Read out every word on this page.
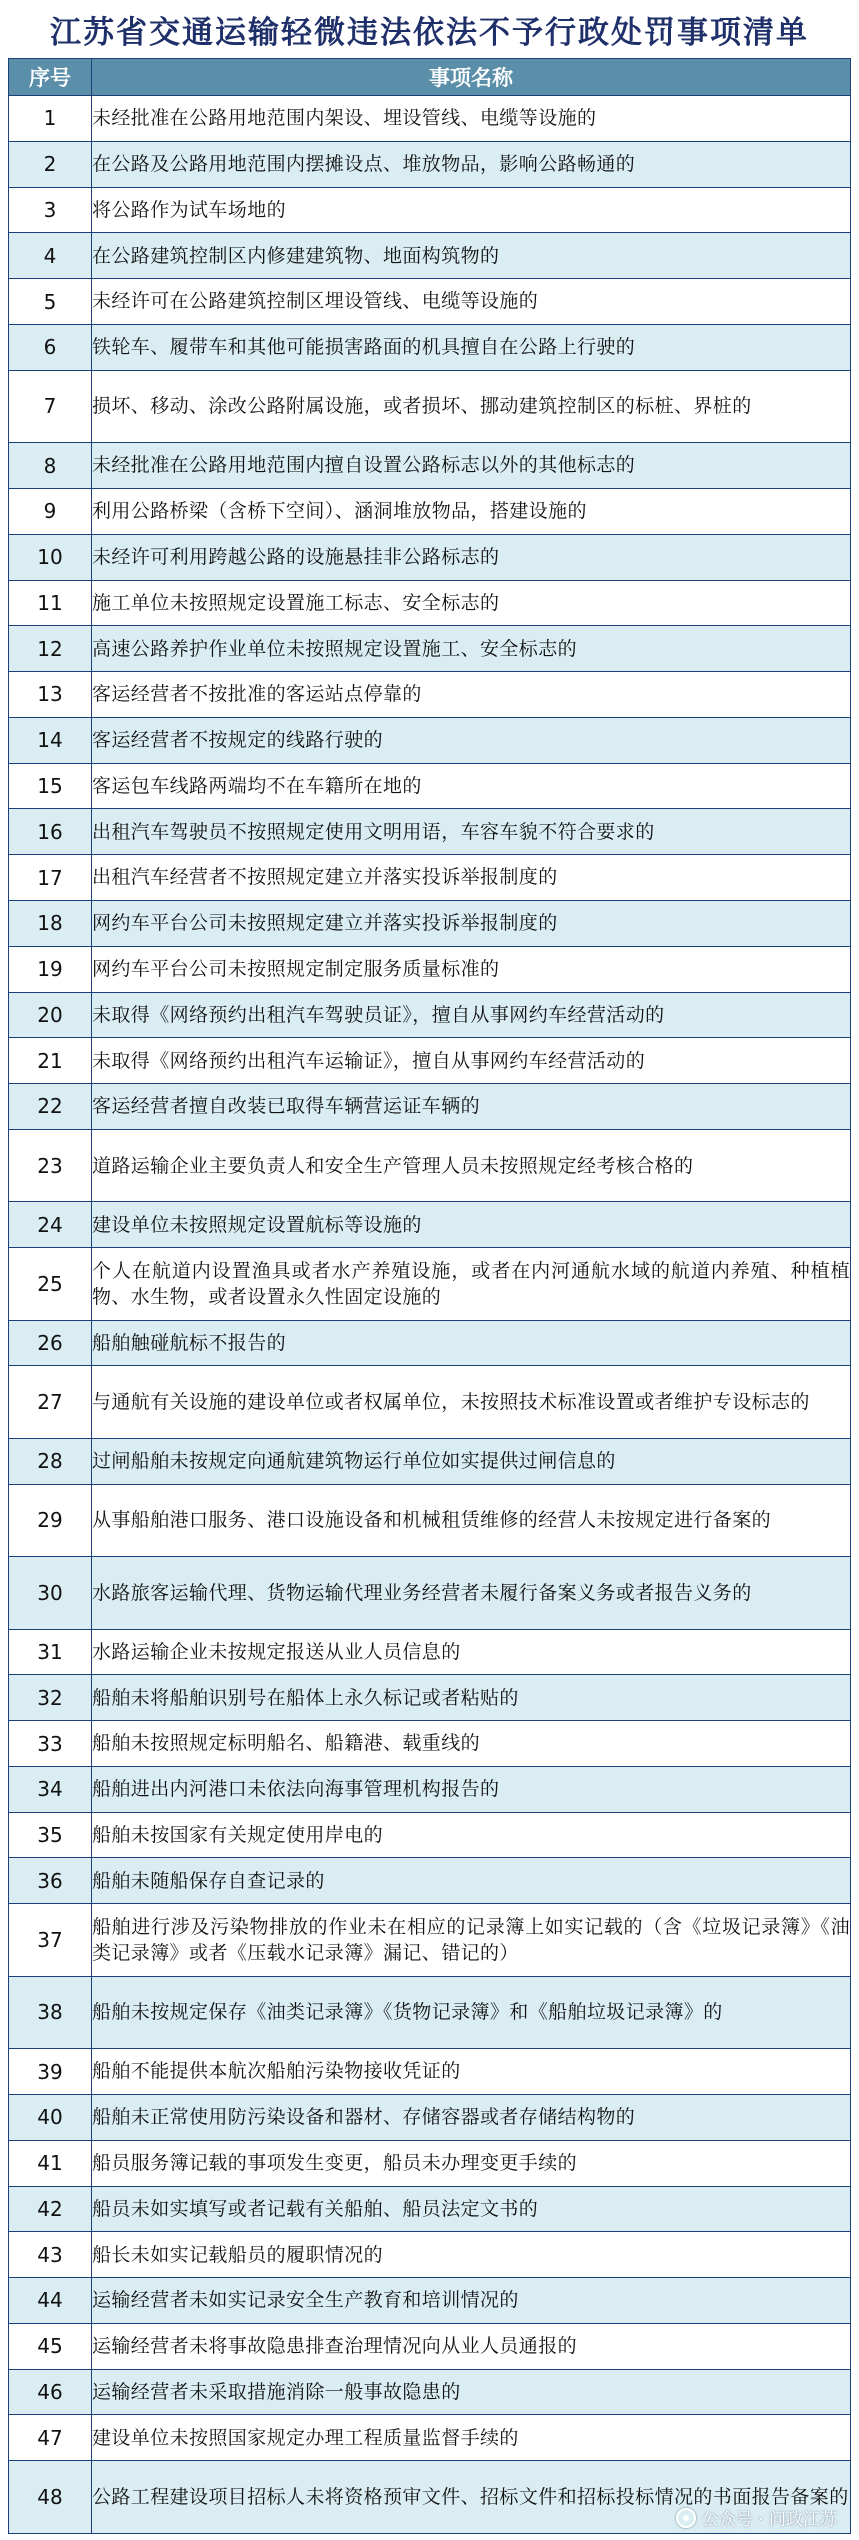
江苏省交通运输轻微违法依法不予行政处罚事项清单
序号	事项名称
1	未经批准在公路用地范围内架设、埋设管线、电缆等设施的
2	在公路及公路用地范围内摆摊设点、堆放物品，影响公路畅通的
3	将公路作为试车场地的
4	在公路建筑控制区内修建建筑物、地面构筑物的
5	未经许可在公路建筑控制区埋设管线、电缆等设施的
6	铁轮车、履带车和其他可能损害路面的机具擅自在公路上行驶的
7	损坏、移动、涂改公路附属设施，或者损坏、挪动建筑控制区的标桩、界桩的
8	未经批准在公路用地范围内擅自设置公路标志以外的其他标志的
9	利用公路桥梁（含桥下空间）、涵洞堆放物品，搭建设施的
10	未经许可利用跨越公路的设施悬挂非公路标志的
11	施工单位未按照规定设置施工标志、安全标志的
12	高速公路养护作业单位未按照规定设置施工、安全标志的
13	客运经营者不按批准的客运站点停靠的
14	客运经营者不按规定的线路行驶的
15	客运包车线路两端均不在车籍所在地的
16	出租汽车驾驶员不按照规定使用文明用语，车容车貌不符合要求的
17	出租汽车经营者不按照规定建立并落实投诉举报制度的
18	网约车平台公司未按照规定建立并落实投诉举报制度的
19	网约车平台公司未按照规定制定服务质量标准的
20	未取得《网络预约出租汽车驾驶员证》，擅自从事网约车经营活动的
21	未取得《网络预约出租汽车运输证》，擅自从事网约车经营活动的
22	客运经营者擅自改装已取得车辆营运证车辆的
23	道路运输企业主要负责人和安全生产管理人员未按照规定经考核合格的
24	建设单位未按照规定设置航标等设施的
25	个人在航道内设置渔具或者水产养殖设施，或者在内河通航水域的航道内养殖、种植植物、水生物，或者设置永久性固定设施的
26	船舶触碰航标不报告的
27	与通航有关设施的建设单位或者权属单位，未按照技术标准设置或者维护专设标志的
28	过闸船舶未按规定向通航建筑物运行单位如实提供过闸信息的
29	从事船舶港口服务、港口设施设备和机械租赁维修的经营人未按规定进行备案的
30	水路旅客运输代理、货物运输代理业务经营者未履行备案义务或者报告义务的
31	水路运输企业未按规定报送从业人员信息的
32	船舶未将船舶识别号在船体上永久标记或者粘贴的
33	船舶未按照规定标明船名、船籍港、载重线的
34	船舶进出内河港口未依法向海事管理机构报告的
35	船舶未按国家有关规定使用岸电的
36	船舶未随船保存自查记录的
37	船舶进行涉及污染物排放的作业未在相应的记录簿上如实记载的（含《垃圾记录簿》《油类记录簿》或者《压载水记录簿》漏记、错记的）
38	船舶未按规定保存《油类记录簿》《货物记录簿》和《船舶垃圾记录簿》的
39	船舶不能提供本航次船舶污染物接收凭证的
40	船舶未正常使用防污染设备和器材、存储容器或者存储结构物的
41	船员服务簿记载的事项发生变更，船员未办理变更手续的
42	船员未如实填写或者记载有关船舶、船员法定文书的
43	船长未如实记载船员的履职情况的
44	运输经营者未如实记录安全生产教育和培训情况的
45	运输经营者未将事故隐患排查治理情况向从业人员通报的
46	运输经营者未采取措施消除一般事故隐患的
47	建设单位未按照国家规定办理工程质量监督手续的
48	公路工程建设项目招标人未将资格预审文件、招标文件和招标投标情况的书面报告备案的
公众号 · 问政江苏
